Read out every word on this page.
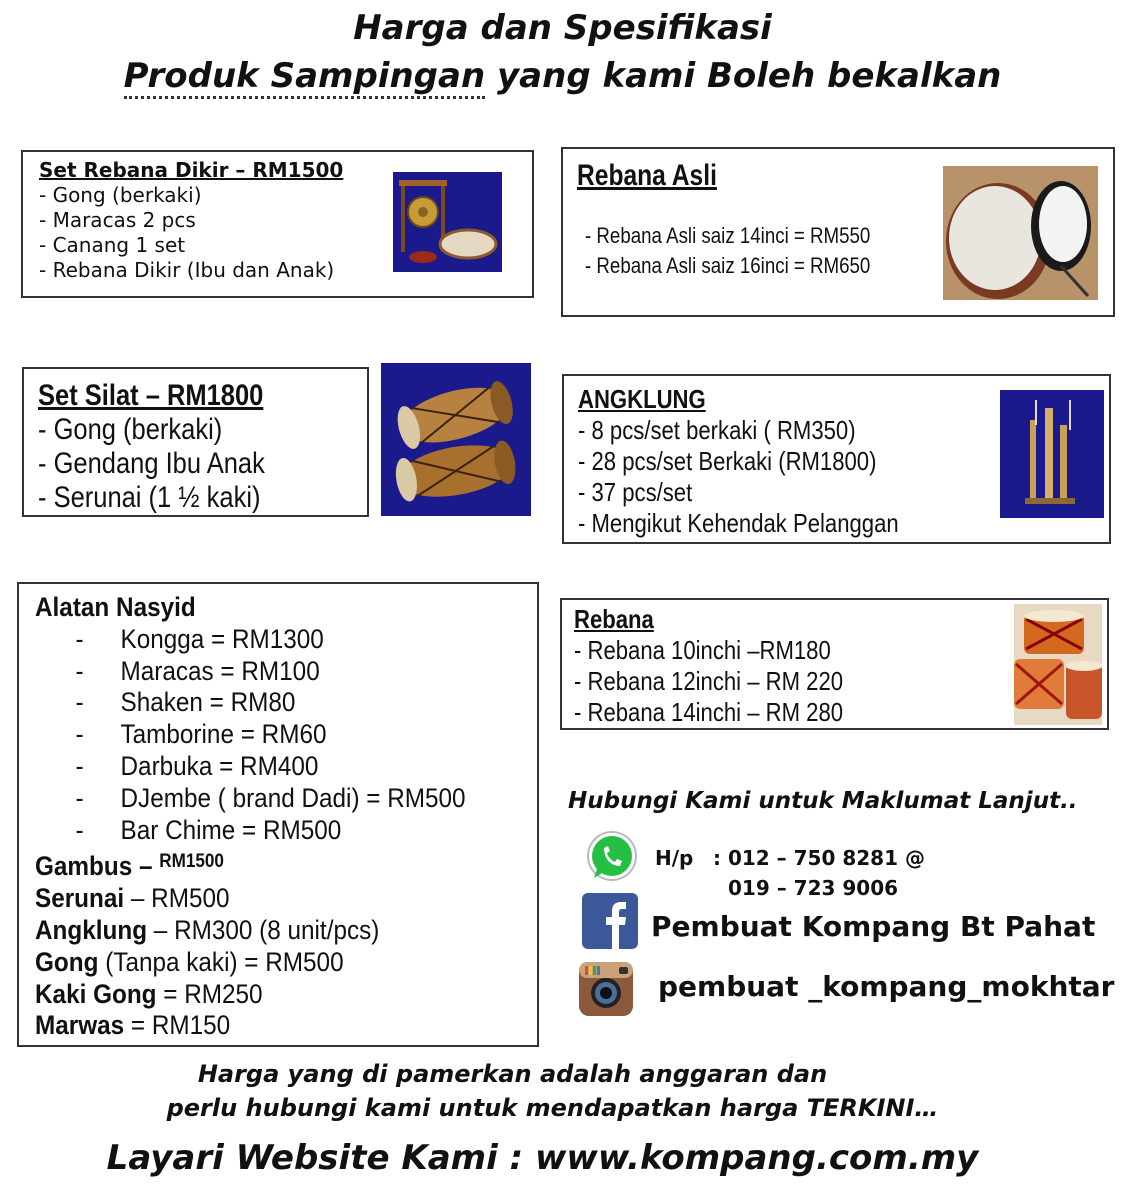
Harga dan Spesifikasi
Produk Sampingan yang kami Boleh bekalkan
Set Rebana Dikir – RM1500
- Gong (berkaki)
- Maracas 2 pcs
- Canang 1 set
- Rebana Dikir (Ibu dan Anak)
Rebana Asli
- Rebana Asli saiz 14inci = RM550
- Rebana Asli saiz 16inci = RM650
Set Silat – RM1800
- Gong (berkaki)
- Gendang Ibu Anak
- Serunai (1 ½ kaki)
ANGKLUNG
- 8 pcs/set berkaki ( RM350)
- 28 pcs/set Berkaki (RM1800)
- 37 pcs/set
- Mengikut Kehendak Pelanggan
Alatan Nasyid
- Kongga = RM1300
- Maracas = RM100
- Shaken = RM80
- Tamborine = RM60
- Darbuka = RM400
- DJembe ( brand Dadi) = RM500
- Bar Chime = RM500
Gambus – $^{RM1500}$
Serunai – RM500
Angklung – RM300 (8 unit/pcs)
Gong (Tanpa kaki) = RM500
Kaki Gong = RM250
Marwas = RM150
Rebana
- Rebana 10inchi –RM180
- Rebana 12inchi – RM 220
- Rebana 14inchi – RM 280
Hubungi Kami untuk Maklumat Lanjut..
H/p : 012 – 750 8281 @
019 – 723 9006
Pembuat Kompang Bt Pahat
pembuat _kompang_mokhtar
Harga yang di pamerkan adalah anggaran dan
perlu hubungi kami untuk mendapatkan harga TERKINI…
Layari Website Kami : www.kompang.com.my
